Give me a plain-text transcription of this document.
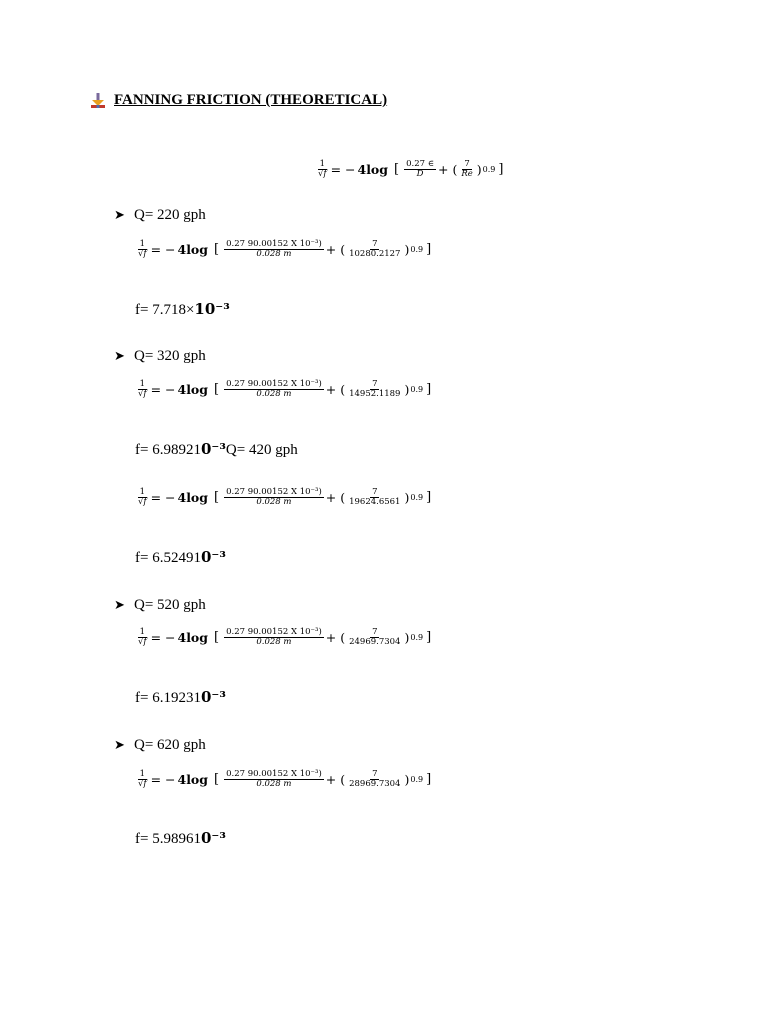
FANNING FRICTION (THEORETICAL)
$\frac{1}{√f}$ = − 4log [ $\frac{0.27 \in}{D}$ + ( $\frac{7}{Re}$ ) 0.9 ]
➤ Q= 220 gph
$\frac{1}{√f}$ = − 4log [ $\frac{\text{0.27 90.00152 X 10⁻³)}}{0.028 m}$ + ( $\frac{7}{10280.2127}$ ) 0.9 ]
f= 7.718×10⁻³
➤ Q= 320 gph
$\frac{1}{√f}$ = − 4log [ $\frac{\text{0.27 90.00152 X 10⁻³)}}{0.028 m}$ + ( $\frac{7}{14952.1189}$ ) 0.9 ]
f= 6.989210⁻³Q= 420 gph
$\frac{1}{√f}$ = − 4log [ $\frac{\text{0.27 90.00152 X 10⁻³)}}{0.028 m}$ + ( $\frac{7}{19624.6561}$ ) 0.9 ]
f= 6.524910⁻³
➤ Q= 520 gph
$\frac{1}{√f}$ = − 4log [ $\frac{\text{0.27 90.00152 X 10⁻³)}}{0.028 m}$ + ( $\frac{7}{24969.7304}$ ) 0.9 ]
f= 6.192310⁻³
➤ Q= 620 gph
$\frac{1}{√f}$ = − 4log [ $\frac{\text{0.27 90.00152 X 10⁻³)}}{0.028 m}$ + ( $\frac{7}{28969.7304}$ ) 0.9 ]
f= 5.989610⁻³
